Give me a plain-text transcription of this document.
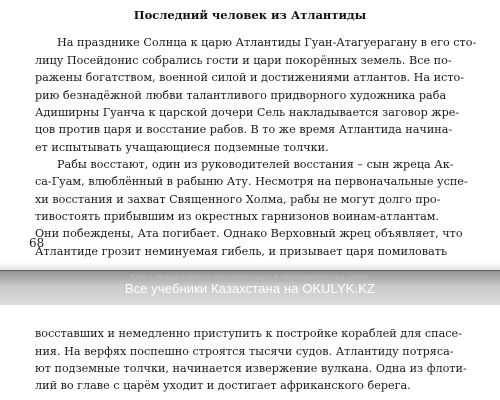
Последний человек из Атлантиды
На празднике Солнца к царю Атлантиды Гуан-Атагуерагану в его сто-
лицу Посейдонис собрались гости и цари покорённых земель. Все по-
ражены богатством, военной силой и достижениями атлантов. На исто-
рию безнадёжной любви талантливого придворного художника раба
Адиширны Гуанча к царской дочери Сель накладывается заговор жре-
цов против царя и восстание рабов. В то же время Атлантида начина-
ет испытывать учащающиеся подземные толчки.
Рабы восстают, один из руководителей восстания – сын жреца Ак-
са-Гуам, влюблённый в рабыню Ату. Несмотря на первоначальные успе-
хи восстания и захват Священного Холма, рабы не могут долго про-
тивостоять прибывшим из окрестных гарнизонов воинам-атлантам.
Они побеждены, Ата погибает. Однако Верховный жрец объявляет, что
Атлантиде грозит неминуемая гибель, и призывает царя помиловать
68
Книга предоставлена исключительно в образовательных целях
Все учебники Казахстана на OKULYK.KZ
восставших и немедленно приступить к постройке кораблей для спасе-
ния. На верфях поспешно строятся тысячи судов. Атлантиду потрясa-
ют подземные толчки, начинается извержение вулкана. Одна из флоти-
лий во главе с царём уходит и достигает африканского берега.
